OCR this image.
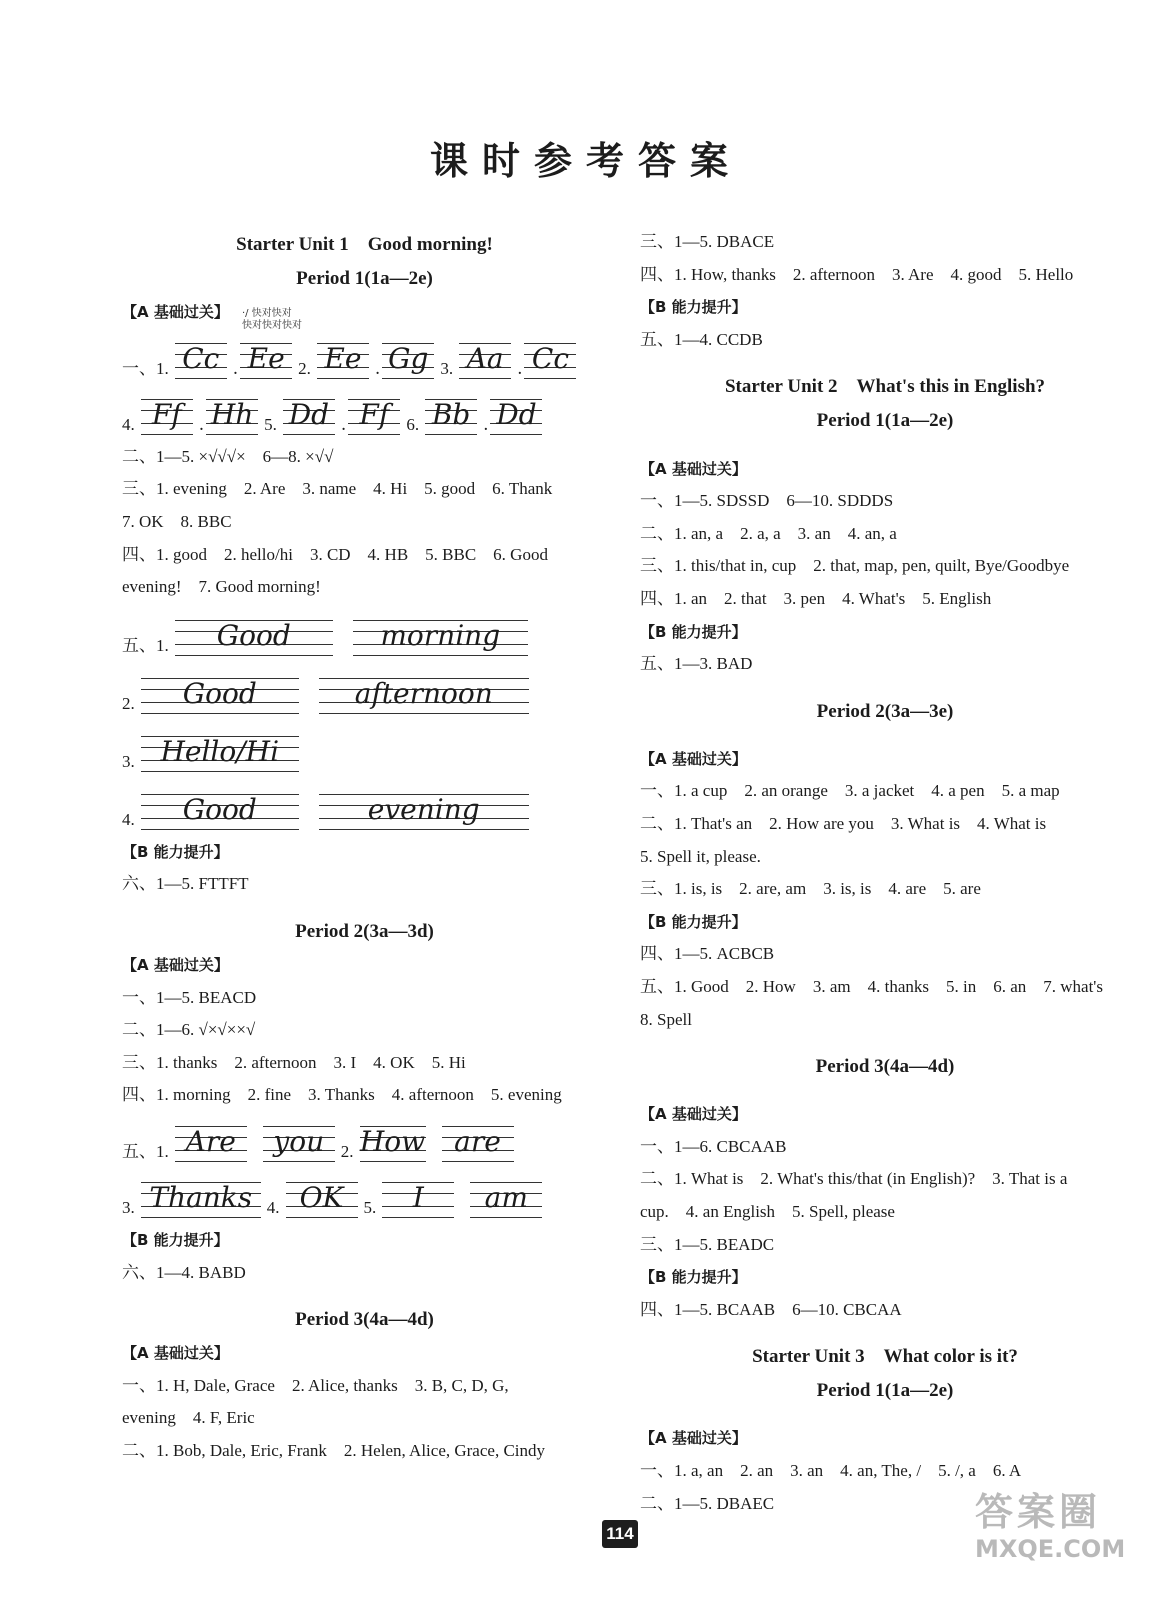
课时参考答案
·/ 快对快对
快对快对快对
Starter Unit 1　Good morning!
Period 1(1a—2e)
【A 基础过关】
一、1. Cc . Ee 2. Ee . Gg 3. Aa . Cc
4. Ff	. Hh 5. Dd . Ff	6. Bb . Dd
二、1—5. ×√√√×　6—8. ×√√
三、1. evening　2. Are　3. name　4. Hi　5. good　6. Thank
7. OK　8. BBC
四、1. good　2. hello/hi　3. CD　4. HB　5. BBC　6. Good
evening!　7. Good morning!
五、1.	Good	morning
2.	Good	afternoon
3. Hello/Hi
4.	Good	evening
【B 能力提升】
六、1—5. FTTFT
Period 2(3a—3d)
【A 基础过关】
一、1—5. BEACD
二、1—6. √×√××√
三、1. thanks　2. afternoon　3. I　4. OK　5. Hi
四、1. morning　2. fine　3. Thanks　4. afternoon　5. evening
五、1. Are	you 2. How	are
3. Thanks 4. OK	5.	I	am
【B 能力提升】
六、1—4. BABD
Period 3(4a—4d)
【A 基础过关】
一、1. H, Dale, Grace　2. Alice, thanks　3. B, C, D, G,
evening　4. F, Eric
二、1. Bob, Dale, Eric, Frank　2. Helen, Alice, Grace, Cindy
三、1—5. DBACE
四、1. How, thanks　2. afternoon　3. Are　4. good　5. Hello
【B 能力提升】
五、1—4. CCDB
Starter Unit 2　What's this in English?
Period 1(1a—2e)
【A 基础过关】
一、1—5. SDSSD　6—10. SDDDS
二、1. an, a　2. a, a　3. an　4. an, a
三、1. this/that in, cup　2. that, map, pen, quilt, Bye/Goodbye
四、1. an　2. that　3. pen　4. What's　5. English
【B 能力提升】
五、1—3. BAD
Period 2(3a—3e)
【A 基础过关】
一、1. a cup　2. an orange　3. a jacket　4. a pen　5. a map
二、1. That's an　2. How are you　3. What is　4. What is
5. Spell it, please.
三、1. is, is　2. are, am　3. is, is　4. are　5. are
【B 能力提升】
四、1—5. ACBCB
五、1. Good　2. How　3. am　4. thanks　5. in　6. an　7. what's
8. Spell
Period 3(4a—4d)
【A 基础过关】
一、1—6. CBCAAB
二、1. What is　2. What's this/that (in English)?　3. That is a
cup.　4. an English　5. Spell, please
三、1—5. BEADC
【B 能力提升】
四、1—5. BCAAB　6—10. CBCAA
Starter Unit 3　What color is it?
Period 1(1a—2e)
【A 基础过关】
一、1. a, an　2. an　3. an　4. an, The, /　5. /, a　6. A
二、1—5. DBAEC
114	答案圈
MXQE.COM
